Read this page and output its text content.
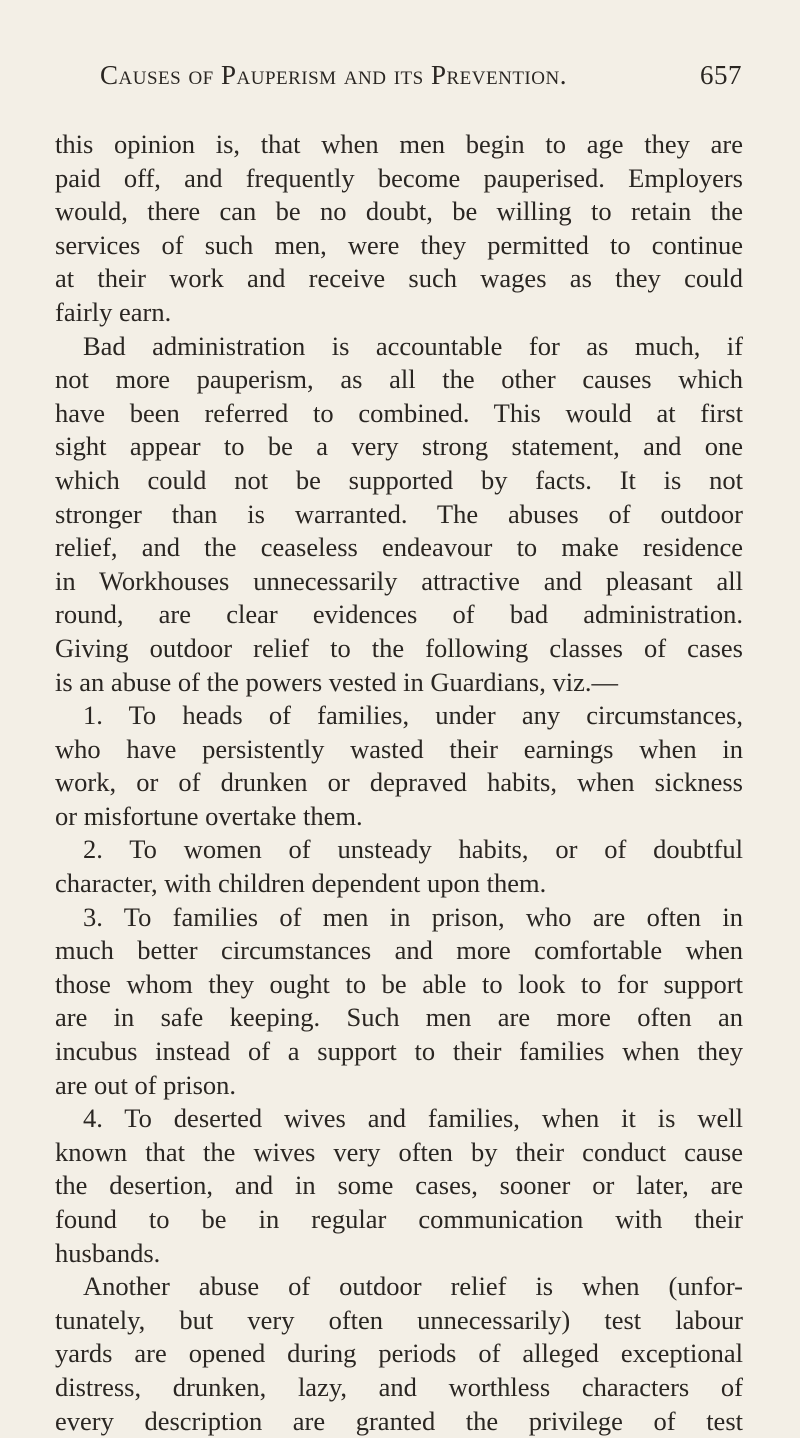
Causes of Pauperism and its Prevention.	657
this opinion is, that when men begin to age they are
paid off, and frequently become pauperised. Employers
would, there can be no doubt, be willing to retain the
services of such men, were they permitted to continue
at their work and receive such wages as they could
fairly earn.
Bad administration is accountable for as much, if
not more pauperism, as all the other causes which
have been referred to combined. This would at first
sight appear to be a very strong statement, and one
which could not be supported by facts. It is not
stronger than is warranted. The abuses of outdoor
relief, and the ceaseless endeavour to make residence
in Workhouses unnecessarily attractive and pleasant all
round, are clear evidences of bad administration.
Giving outdoor relief to the following classes of cases
is an abuse of the powers vested in Guardians, viz.—
1. To heads of families, under any circumstances,
who have persistently wasted their earnings when in
work, or of drunken or depraved habits, when sickness
or misfortune overtake them.
2. To women of unsteady habits, or of doubtful
character, with children dependent upon them.
3. To families of men in prison, who are often in
much better circumstances and more comfortable when
those whom they ought to be able to look to for support
are in safe keeping. Such men are more often an
incubus instead of a support to their families when they
are out of prison.
4. To deserted wives and families, when it is well
known that the wives very often by their conduct cause
the desertion, and in some cases, sooner or later, are
found to be in regular communication with their
husbands.
Another abuse of outdoor relief is when (unfor-
tunately, but very often unnecessarily) test labour
yards are opened during periods of alleged exceptional
distress, drunken, lazy, and worthless characters of
every description are granted the privilege of test
